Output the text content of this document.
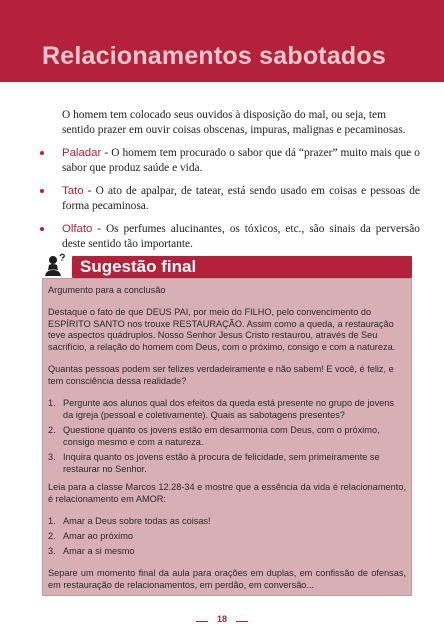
Relacionamentos sabotados

O homem tem colocado seus ouvidos à disposição do mal, ou seja, tem sentido prazer em ouvir coisas obscenas, impuras, malignas e pecaminosas.

Paladar - O homem tem procurado o sabor que dá “prazer” muito mais que o sabor que produz saúde e vida.
Tato - O ato de apalpar, de tatear, está sendo usado em coisas e pessoas de forma pecaminosa.
Olfato - Os perfumes alucinantes, os tóxicos, etc., são sinais da perversão deste sentido tão importante.
Sugestão final

Argumento para a conclusão

Destaque o fato de que DEUS PAI, por meio do FILHO, pelo convencimento do ESPÍRITO SANTO nos trouxe RESTAURAÇÃO. Assim como a queda, a restauração teve aspectos quádruplos. Nosso Senhor Jesus Cristo restaurou, através de Seu sacrifício, a relação do homem com Deus, com o próximo, consigo e com a natureza.

Quantas pessoas podem ser felizes verdadeiramente e não sabem! E você, é feliz, e tem consciência dessa realidade?

1. Pergunte aos alunos qual dos efeitos da queda está presente no grupo de jovens da igreja (pessoal e coletivamente). Quais as sabotagens presentes?
2. Questione quanto os jovens estão em desarmonia com Deus, com o próximo, consigo mesmo e com a natureza.
3. Inquira quanto os jovens estão à procura de felicidade, sem primeiramente se restaurar no Senhor.

Leia para a classe Marcos 12.28-34 e mostre que a essência da vida é relacionamento, é relacionamento em AMOR:

1. Amar a Deus sobre todas as coisas!
2. Amar ao próximo
3. Amar a si mesmo

Separe um momento final da aula para orações em duplas, em confissão de ofensas, em restauração de relacionamentos, em perdão, em conversão...

18
